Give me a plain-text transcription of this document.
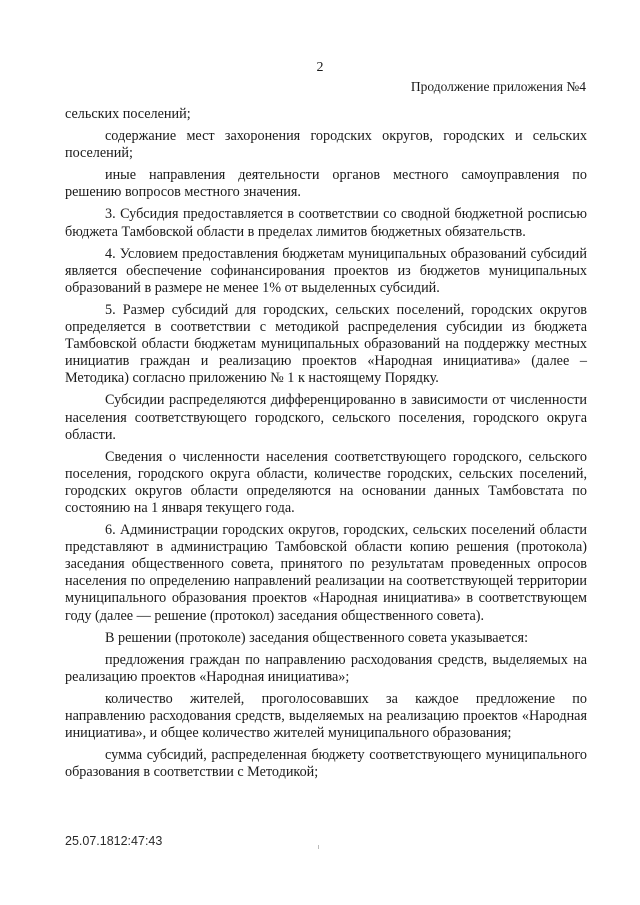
2
Продолжение приложения №4

сельских поселений;

содержание мест захоронения городских округов, городских и сельских поселений;

иные направления деятельности органов местного самоуправления по решению вопросов местного значения.

3. Субсидия предоставляется в соответствии со сводной бюджетной росписью бюджета Тамбовской области в пределах лимитов бюджетных обязательств.

4. Условием предоставления бюджетам муниципальных образований субсидий является обеспечение софинансирования проектов из бюджетов муниципальных образований в размере не менее 1% от выделенных субсидий.

5. Размер субсидий для городских, сельских поселений, городских округов определяется в соответствии с методикой распределения субсидии из бюджета Тамбовской области бюджетам муниципальных образований на поддержку местных инициатив граждан и реализацию проектов «Народная инициатива» (далее – Методика) согласно приложению № 1 к настоящему Порядку.

Субсидии распределяются дифференцированно в зависимости от численности населения соответствующего городского, сельского поселения, городского округа области.

Сведения о численности населения соответствующего городского, сельского поселения, городского округа области, количестве городских, сельских поселений, городских округов области определяются на основании данных Тамбовстата по состоянию на 1 января текущего года.

6. Администрации городских округов, городских, сельских поселений области представляют в администрацию Тамбовской области копию решения (протокола) заседания общественного совета, принятого по результатам проведенных опросов населения по определению направлений реализации на соответствующей территории муниципального образования проектов «Народная инициатива» в соответствующем году (далее — решение (протокол) заседания общественного совета).

В решении (протоколе) заседания общественного совета указывается:

предложения граждан по направлению расходования средств, выделяемых на реализацию проектов «Народная инициатива»;

количество жителей, проголосовавших за каждое предложение по направлению расходования средств, выделяемых на реализацию проектов «Народная инициатива», и общее количество жителей муниципального образования;

сумма субсидий, распределенная бюджету соответствующего муниципального образования в соответствии с Методикой;

25.07.1812:47:43
